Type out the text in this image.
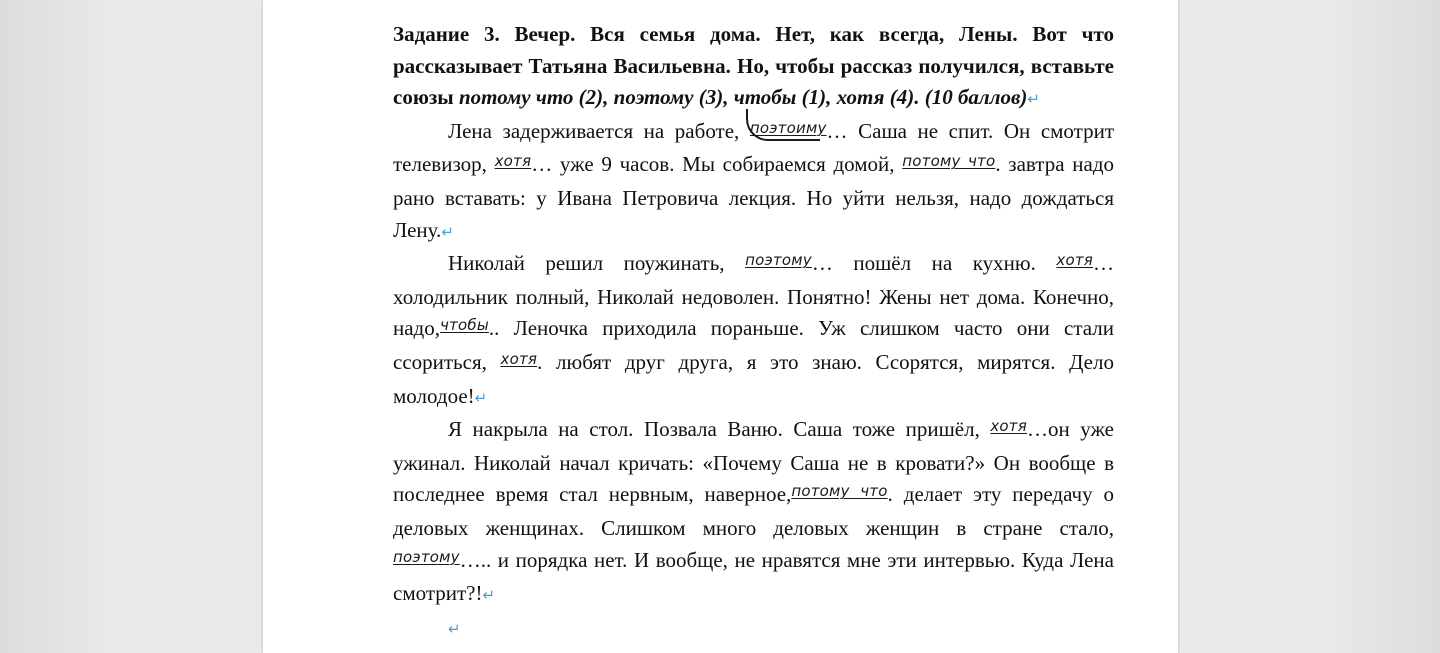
Задание 3. Вечер. Вся семья дома. Нет, как всегда, Лены. Вот что рассказывает Татьяна Васильевна. Но, чтобы рассказ получился, вставьте союзы потому что (2), поэтому (3), чтобы (1), хотя (4). (10 баллов)↵

Лена задерживается на работе,
$^{поэтоиму}$… Саша не спит. Он смотрит телевизор, $^{хотя}$… уже 9 часов. Мы собираемся домой, $^{потому что}$. завтра надо рано вставать: у Ивана Петровича лекция. Но уйти нельзя, надо дождаться Лену.↵

Николай решил поужинать, $^{поэтому}$… пошёл на кухню. $^{хотя}$… холодильник полный, Николай недоволен. Понятно! Жены нет дома. Конечно, надо,$^{чтобы}$.. Леночка приходила пораньше. Уж слишком часто они стали ссориться, $^{хотя}$. любят друг друга, я это знаю. Ссорятся, мирятся. Дело молодое!↵

Я накрыла на стол. Позвала Ваню. Саша тоже пришёл, $^{хотя}$…он уже ужинал. Николай начал кричать: «Почему Саша не в кровати?» Он вообще в последнее время стал нервным, наверное,$^{потому что}$. делает эту передачу о деловых женщинах. Слишком много деловых женщин в стране стало, $^{поэтому}$….. и порядка нет. И вообще, не нравятся мне эти интервью. Куда Лена смотрит?!↵

↵
